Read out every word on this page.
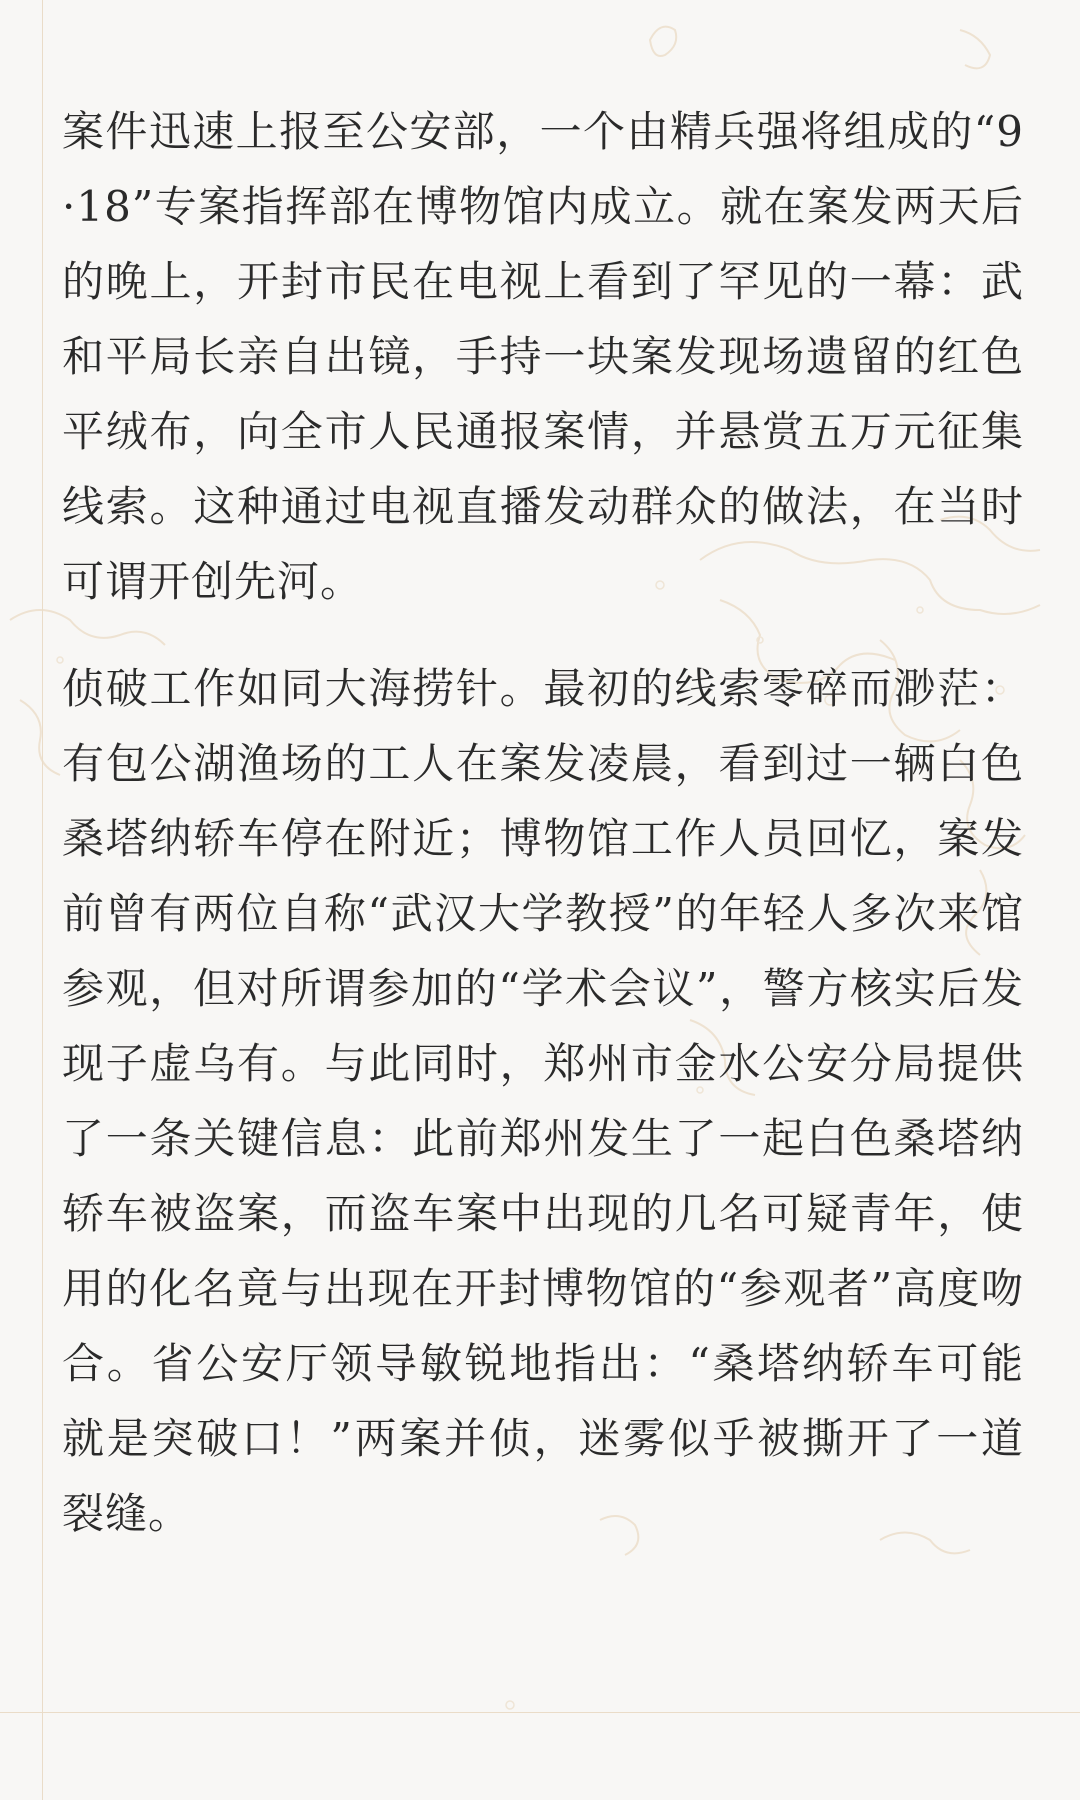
案件迅速上报至公安部，一个由精兵强将组成的“9·18”专案指挥部在博物馆内成立。就在案发两天后的晚上，开封市民在电视上看到了罕见的一幕：武和平局长亲自出镜，手持一块案发现场遗留的红色平绒布，向全市人民通报案情，并悬赏五万元征集线索。这种通过电视直播发动群众的做法，在当时可谓开创先河。

侦破工作如同大海捞针。最初的线索零碎而渺茫：有包公湖渔场的工人在案发凌晨，看到过一辆白色桑塔纳轿车停在附近；博物馆工作人员回忆，案发前曾有两位自称“武汉大学教授”的年轻人多次来馆参观，但对所谓参加的“学术会议”，警方核实后发现子虚乌有。与此同时，郑州市金水公安分局提供了一条关键信息：此前郑州发生了一起白色桑塔纳轿车被盗案，而盗车案中出现的几名可疑青年，使用的化名竟与出现在开封博物馆的“参观者”高度吻合。省公安厅领导敏锐地指出：“桑塔纳轿车可能就是突破口！”两案并侦，迷雾似乎被撕开了一道裂缝。
